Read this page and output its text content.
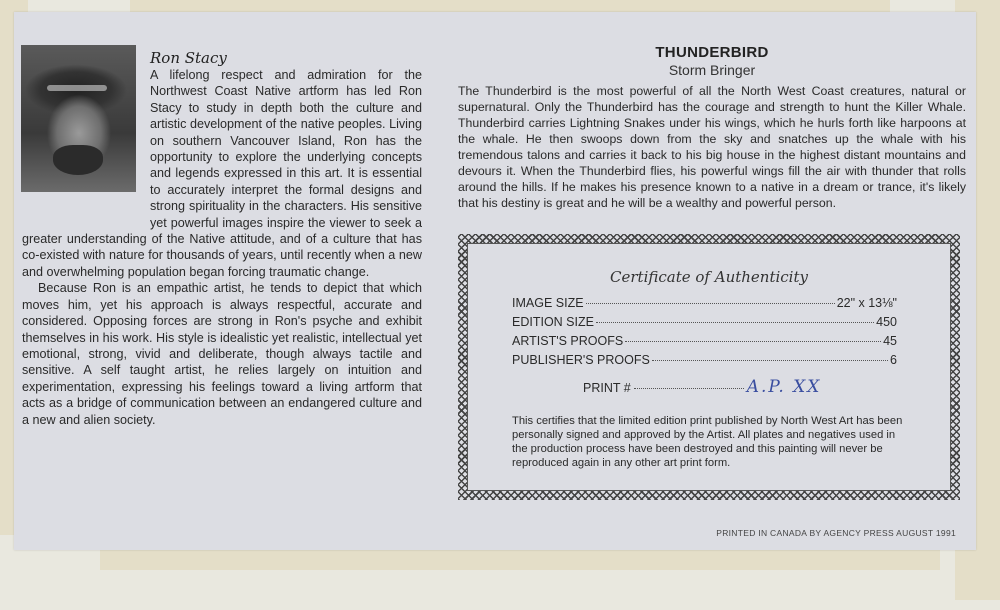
Ron Stacy

A lifelong respect and admiration for the Northwest Coast Native artform has led Ron Stacy to study in depth both the culture and artistic development of the native peoples. Living on southern Vancouver Island, Ron has the opportunity to explore the underlying concepts and legends expressed in this art. It is essential to accurately interpret the formal designs and strong spirituality in the characters. His sensitive yet powerful images inspire the viewer to seek a greater understanding of the Native attitude, and of a culture that has co-existed with nature for thousands of years, until recently when a new and overwhelming population began forcing traumatic change.

Because Ron is an empathic artist, he tends to depict that which moves him, yet his approach is always respectful, accurate and considered. Opposing forces are strong in Ron's psyche and exhibit themselves in his work. His style is idealistic yet realistic, intellectual yet emotional, strong, vivid and deliberate, though always tactile and sensitive. A self taught artist, he relies largely on intuition and experimentation, expressing his feelings toward a living artform that acts as a bridge of communication between an endangered culture and a new and alien society.

THUNDERBIRD
Storm Bringer
The Thunderbird is the most powerful of all the North West Coast creatures, natural or supernatural. Only the Thunderbird has the courage and strength to hunt the Killer Whale. Thunderbird carries Lightning Snakes under his wings, which he hurls forth like harpoons at the whale. He then swoops down from the sky and snatches up the whale with his tremendous talons and carries it back to his big house in the highest distant mountains and devours it. When the Thunderbird flies, his powerful wings fill the air with thunder that rolls around the hills. If he makes his presence known to a native in a dream or trance, it's likely that his destiny is great and he will be a wealthy and powerful person.
Certificate of Authenticity
IMAGE SIZE	22" x 13⅛"
EDITION SIZE	450
ARTIST'S PROOFS	45
PUBLISHER'S PROOFS	6
PRINT #	A.P. XX
This certifies that the limited edition print published by North West Art has been personally signed and approved by the Artist. All plates and negatives used in the production process have been destroyed and this painting will never be reproduced again in any other art print form.
PRINTED IN CANADA BY AGENCY PRESS AUGUST 1991
